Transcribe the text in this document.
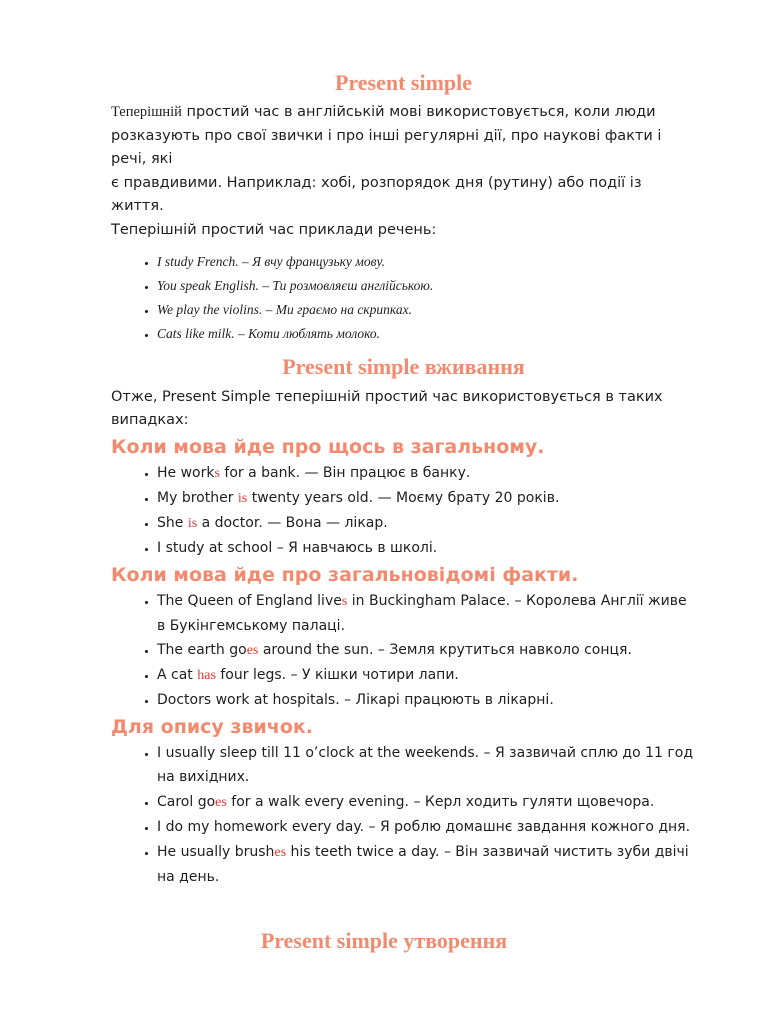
Present simple

Теперішній простий час в англійській мові використовується, коли люди
розказують про свої звички і про інші регулярні дії, про наукові факти і речі, які
є правдивими. Наприклад: хобі, розпорядок дня (рутину) або події із життя.
Теперішній простий час приклади речень:

• I study French. – Я вчу французьку мову.
• You speak English. – Ти розмовляєш англійською.
• We play the violins. – Ми граємо на скрипках.
• Cats like milk. – Коти люблять молоко.
Present simple вживання

Отже, Present Simple теперішній простий час використовується в таких
випадках:

Коли мова йде про щось в загальному.
• He works for a bank. — Він працює в банку.
• My brother is twenty years old. — Моєму брату 20 років.
• She is a doctor. — Вона — лікар.
• I study at school – Я навчаюсь в школі.
Коли мова йде про загальновідомі факти.
• The Queen of England lives in Buckingham Palace. – Королева Англії живе в Букінгемському палаці.
• The earth goes around the sun. – Земля крутиться навколо сонця.
• A cat has four legs. – У кішки чотири лапи.
• Doctors work at hospitals. – Лікарі працюють в лікарні.
Для опису звичок.
• I usually sleep till 11 o’clock at the weekends. – Я зазвичай сплю до 11 год на вихідних.
• Carol goes for a walk every evening. – Керл ходить гуляти щовечора.
• I do my homework every day. – Я роблю домашнє завдання кожного дня.
• He usually brushes his teeth twice a day. – Він зазвичай чистить зуби двічі на день.
Present simple утворення
